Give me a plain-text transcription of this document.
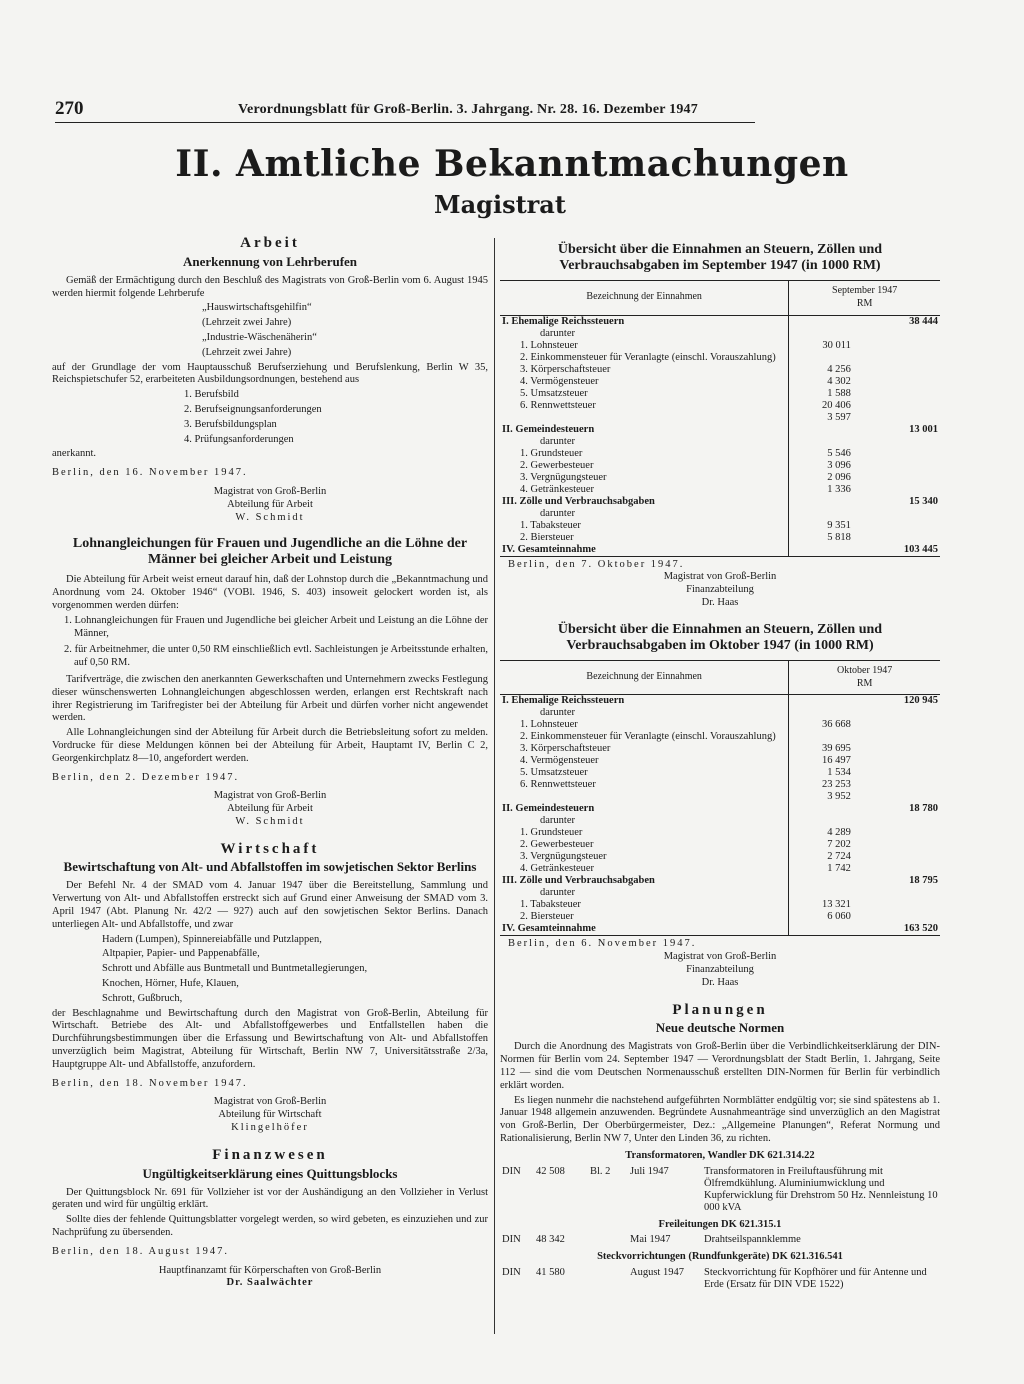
270	Verordnungsblatt für Groß-Berlin. 3. Jahrgang. Nr. 28. 16. Dezember 1947
II. Amtliche Bekanntmachungen
Magistrat
Arbeit
Anerkennung von Lehrberufen

Gemäß der Ermächtigung durch den Beschluß des Magistrats von Groß-Berlin vom 6. August 1945 werden hiermit folgende Lehrberufe

„Hauswirtschaftsgehilfin“

(Lehrzeit zwei Jahre)

„Industrie-Wäschenäherin“

(Lehrzeit zwei Jahre)

auf der Grundlage der vom Hauptausschuß Berufserziehung und Berufslenkung, Berlin W 35, Reichspietschufer 52, erarbeiteten Ausbildungsordnungen, bestehend aus

1. Berufsbild

2. Berufseignungsanforderungen

3. Berufsbildungsplan

4. Prüfungsanforderungen

anerkannt.

Berlin, den 16. November 1947.

Magistrat von Groß-Berlin

Abteilung für Arbeit

W. Schmidt

Lohnangleichungen für Frauen und Jugendliche an die Löhne der Männer bei gleicher Arbeit und Leistung

Die Abteilung für Arbeit weist erneut darauf hin, daß der Lohnstop durch die „Bekanntmachung und Anordnung vom 24. Oktober 1946“ (VOBl. 1946, S. 403) insoweit gelockert worden ist, als vorgenommen werden dürfen:

1. Lohnangleichungen für Frauen und Jugendliche bei gleicher Arbeit und Leistung an die Löhne der Männer,

2. für Arbeitnehmer, die unter 0,50 RM einschließlich evtl. Sachleistungen je Arbeitsstunde erhalten, auf 0,50 RM.

Tarifverträge, die zwischen den anerkannten Gewerkschaften und Unternehmern zwecks Festlegung dieser wünschenswerten Lohnangleichungen abgeschlossen werden, erlangen erst Rechtskraft nach ihrer Registrierung im Tarifregister bei der Abteilung für Arbeit und dürfen vorher nicht angewendet werden.

Alle Lohnangleichungen sind der Abteilung für Arbeit durch die Betriebsleitung sofort zu melden. Vordrucke für diese Meldungen können bei der Abteilung für Arbeit, Hauptamt IV, Berlin C 2, Georgenkirchplatz 8—10, angefordert werden.

Berlin, den 2. Dezember 1947.

Magistrat von Groß-Berlin

Abteilung für Arbeit

W. Schmidt

Wirtschaft
Bewirtschaftung von Alt- und Abfallstoffen im sowjetischen Sektor Berlins

Der Befehl Nr. 4 der SMAD vom 4. Januar 1947 über die Bereitstellung, Sammlung und Verwertung von Alt- und Abfallstoffen erstreckt sich auf Grund einer Anweisung der SMAD vom 3. April 1947 (Abt. Planung Nr. 42/2 — 927) auch auf den sowjetischen Sektor Berlins. Danach unterliegen Alt- und Abfallstoffe, und zwar

Hadern (Lumpen), Spinnereiabfälle und Putzlappen,

Altpapier, Papier- und Pappenabfälle,

Schrott und Abfälle aus Buntmetall und Buntmetallegierungen,

Knochen, Hörner, Hufe, Klauen,

Schrott, Gußbruch,

der Beschlagnahme und Bewirtschaftung durch den Magistrat von Groß-Berlin, Abteilung für Wirtschaft. Betriebe des Alt- und Abfallstoffgewerbes und Entfallstellen haben die Durchführungsbestimmungen über die Erfassung und Bewirtschaftung von Alt- und Abfallstoffen unverzüglich beim Magistrat, Abteilung für Wirtschaft, Berlin NW 7, Universitätsstraße 2/3a, Hauptgruppe Alt- und Abfallstoffe, anzufordern.

Berlin, den 18. November 1947.

Magistrat von Groß-Berlin

Abteilung für Wirtschaft

Klingelhöfer

Finanzwesen
Ungültigkeitserklärung eines Quittungsblocks

Der Quittungsblock Nr. 691 für Vollzieher ist vor der Aushändigung an den Vollzieher in Verlust geraten und wird für ungültig erklärt.

Sollte dies der fehlende Quittungsblatter vorgelegt werden, so wird gebeten, es einzuziehen und zur Nachprüfung zu übersenden.

Berlin, den 18. August 1947.

Hauptfinanzamt für Körperschaften von Groß-Berlin

Dr. Saalwächter

Übersicht über die Einnahmen an Steuern, Zöllen und Verbrauchsabgaben im September 1947 (in 1000 RM)
Bezeichnung der Einnahmen	September 1947
RM	
I. Ehemalige Reichssteuern		38 444
darunter		
1. Lohnsteuer	30 011	
2. Einkommensteuer für Veranlagte (einschl. Vorauszahlung)		
3. Körperschaftsteuer	4 256	
4. Vermögensteuer	4 302	
5. Umsatzsteuer	1 588	
6. Rennwettsteuer	20 406	
	3 597	
II. Gemeindesteuern		13 001
darunter		
1. Grundsteuer	5 546	
2. Gewerbesteuer	3 096	
3. Vergnügungsteuer	2 096	
4. Getränkesteuer	1 336	
III. Zölle und Verbrauchsabgaben		15 340
darunter		
1. Tabaksteuer	9 351	
2. Biersteuer	5 818	
IV. Gesamteinnahme		103 445

Berlin, den 7. Oktober 1947.

Magistrat von Groß-Berlin

Finanzabteilung

Dr. Haas

Übersicht über die Einnahmen an Steuern, Zöllen und Verbrauchsabgaben im Oktober 1947 (in 1000 RM)
Bezeichnung der Einnahmen	Oktober 1947
RM	
I. Ehemalige Reichssteuern		120 945
darunter		
1. Lohnsteuer	36 668	
2. Einkommensteuer für Veranlagte (einschl. Vorauszahlung)		
3. Körperschaftsteuer	39 695	
4. Vermögensteuer	16 497	
5. Umsatzsteuer	1 534	
6. Rennwettsteuer	23 253	
	3 952	
II. Gemeindesteuern		18 780
darunter		
1. Grundsteuer	4 289	
2. Gewerbesteuer	7 202	
3. Vergnügungsteuer	2 724	
4. Getränkesteuer	1 742	
III. Zölle und Verbrauchsabgaben		18 795
darunter		
1. Tabaksteuer	13 321	
2. Biersteuer	6 060	
IV. Gesamteinnahme		163 520

Berlin, den 6. November 1947.

Magistrat von Groß-Berlin

Finanzabteilung

Dr. Haas

Planungen
Neue deutsche Normen

Durch die Anordnung des Magistrats von Groß-Berlin über die Verbindlichkeitserklärung der DIN-Normen für Berlin vom 24. September 1947 — Verordnungsblatt der Stadt Berlin, 1. Jahrgang, Seite 112 — sind die vom Deutschen Normenausschuß erstellten DIN-Normen für Berlin für verbindlich erklärt worden.

Es liegen nunmehr die nachstehend aufgeführten Normblätter endgültig vor; sie sind spätestens ab 1. Januar 1948 allgemein anzuwenden. Begründete Ausnahmeanträge sind unverzüglich an den Magistrat von Groß-Berlin, Der Oberbürgermeister, Dez.: „Allgemeine Planungen“, Referat Normung und Rationalisierung, Berlin NW 7, Unter den Linden 36, zu richten.

Transformatoren, Wandler DK 621.314.22

DIN	42 508	Bl. 2	Juli 1947	Transformatoren in Freiluftausführung mit Ölfremdkühlung. Aluminiumwicklung und Kupferwicklung für Drehstrom 50 Hz. Nennleistung 10 000 kVA

Freileitungen DK 621.315.1

DIN	48 342		Mai 1947	Drahtseilspannklemme

Steckvorrichtungen (Rundfunkgeräte) DK 621.316.541

DIN	41 580		August 1947	Steckvorrichtung für Kopfhörer und für Antenne und Erde (Ersatz für DIN VDE 1522)
